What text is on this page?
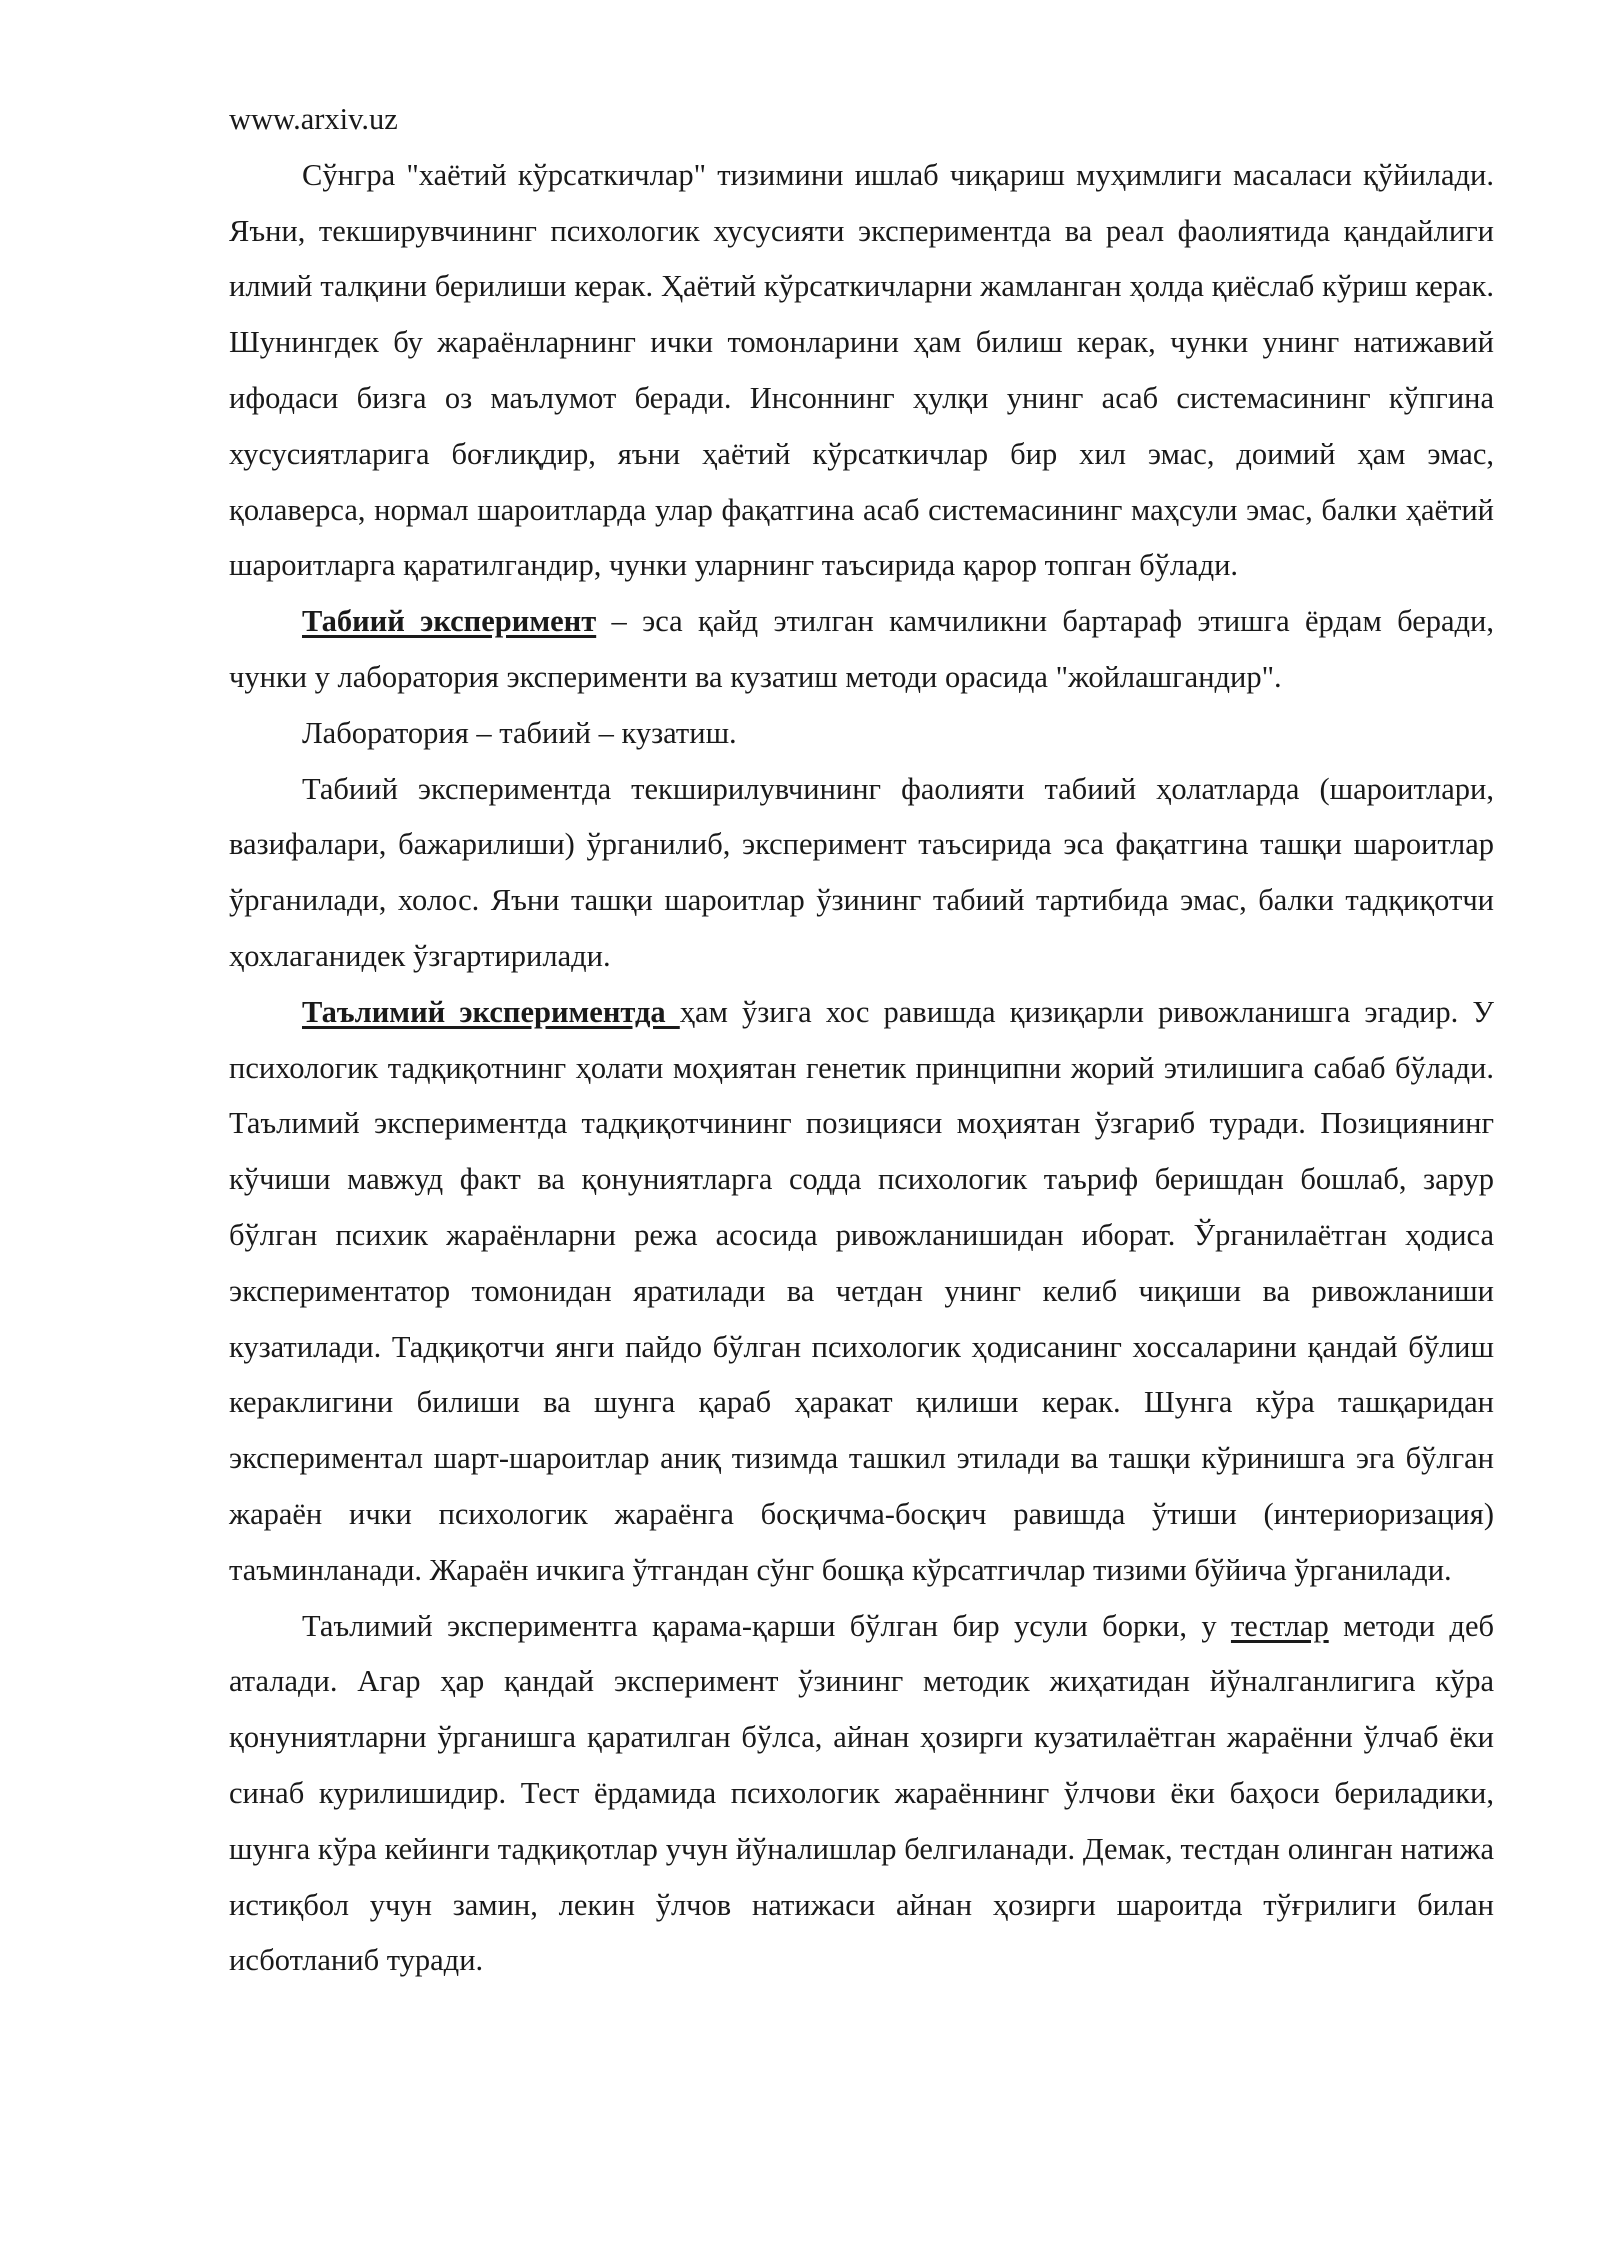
www.arxiv.uz

Сўнгра "хаётий кўрсаткичлар" тизимини ишлаб чиқариш муҳимлиги масаласи қўйилади. Яъни, текширувчининг психологик хусусияти экспериментда ва реал фаолиятида қандайлиги илмий талқини берилиши керак. Ҳаётий кўрсаткичларни жамланган ҳолда қиёслаб кўриш керак. Шунингдек бу жараёнларнинг ички томонларини ҳам билиш керак, чунки унинг натижавий ифодаси бизга оз маълумот беради. Инсоннинг ҳулқи унинг асаб системасининг кўпгина хусусиятларига боғлиқдир, яъни ҳаётий кўрсаткичлар бир хил эмас, доимий ҳам эмас, қолаверса, нормал шароитларда улар фақатгина асаб системасининг маҳсули эмас, балки ҳаётий шароитларга қаратилгандир, чунки уларнинг таъсирида қарор топган бўлади.

Табиий эксперимент – эса қайд этилган камчиликни бартараф этишга ёрдам беради, чунки у лаборатория эксперименти ва кузатиш методи орасида "жойлашгандир".

Лаборатория – табиий – кузатиш.

Табиий экспериментда текширилувчининг фаолияти табиий ҳолатларда (шароитлари, вазифалари, бажарилиши) ўрганилиб, эксперимент таъсирида эса фақатгина ташқи шароитлар ўрганилади, холос. Яъни ташқи шароитлар ўзининг табиий тартибида эмас, балки тадқиқотчи ҳохлаганидек ўзгартирилади.

Таълимий экспериментда ҳам ўзига хос равишда қизиқарли ривожланишга эгадир. У психологик тадқиқотнинг ҳолати моҳиятан генетик принципни жорий этилишига сабаб бўлади. Таълимий экспериментда тадқиқотчининг позицияси моҳиятан ўзгариб туради. Позициянинг кўчиши мавжуд факт ва қонуниятларга содда психологик таъриф беришдан бошлаб, зарур бўлган психик жараёнларни режа асосида ривожланишидан иборат. Ўрганилаётган ҳодиса экспериментатор томонидан яратилади ва четдан унинг келиб чиқиши ва ривожланиши кузатилади. Тадқиқотчи янги пайдо бўлган психологик ҳодисанинг хоссаларини қандай бўлиш кераклигини билиши ва шунга қараб ҳаракат қилиши керак. Шунга кўра ташқаридан экспериментал шарт-шароитлар аниқ тизимда ташкил этилади ва ташқи кўринишга эга бўлган жараён ички психологик жараёнга босқичма-босқич равишда ўтиши (интериоризация) таъминланади. Жараён ичкига ўтгандан сўнг бошқа кўрсатгичлар тизими бўйича ўрганилади.

Таълимий экспериментга қарама-қарши бўлган бир усули борки, у тестлар методи деб аталади. Агар ҳар қандай эксперимент ўзининг методик жиҳатидан йўналганлигига кўра қонуниятларни ўрганишга қаратилган бўлса, айнан ҳозирги кузатилаётган жараённи ўлчаб ёки синаб курилишидир. Тест ёрдамида психологик жараённинг ўлчови ёки баҳоси бериладики, шунга кўра кейинги тадқиқотлар учун йўналишлар белгиланади. Демак, тестдан олинган натижа истиқбол учун замин, лекин ўлчов натижаси айнан ҳозирги шароитда тўғрилиги билан исботланиб туради.
